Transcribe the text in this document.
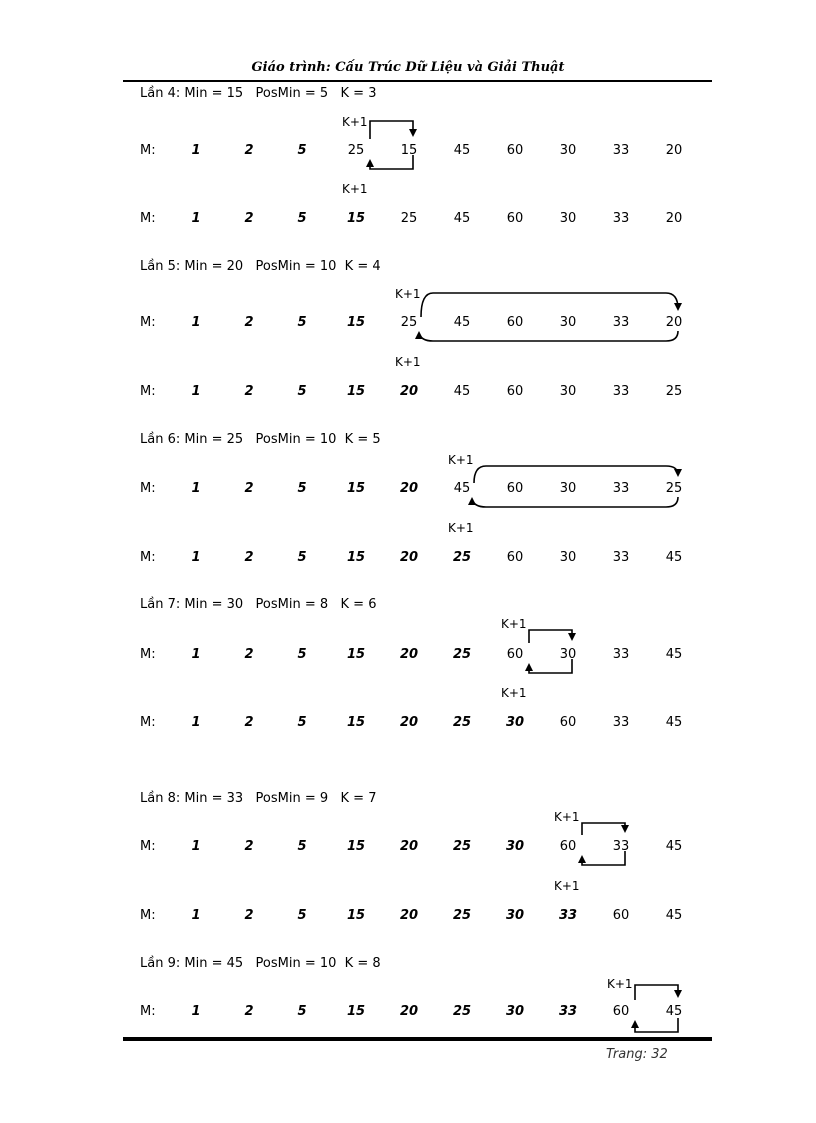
Giáo trình: Cấu Trúc Dữ Liệu và Giải Thuật
Lần 4: Min = 15   PosMin = 5   K = 3
M:	1	2	5	25	15	45	60	30	33	20
M:	1	2	5	15	25	45	60	30	33	20
K+1
K+1
Lần 5: Min = 20   PosMin = 10  K = 4
M:	1	2	5	15	25	45	60	30	33	20
M:	1	2	5	15	20	45	60	30	33	25
K+1
K+1
Lần 6: Min = 25   PosMin = 10  K = 5
M:	1	2	5	15	20	45	60	30	33	25
M:	1	2	5	15	20	25	60	30	33	45
K+1
K+1
Lần 7: Min = 30   PosMin = 8   K = 6
M:	1	2	5	15	20	25	60	30	33	45
M:	1	2	5	15	20	25	30	60	33	45
K+1
K+1
Lần 8: Min = 33   PosMin = 9   K = 7
M:	1	2	5	15	20	25	30	60	33	45
M:	1	2	5	15	20	25	30	33	60	45
K+1
K+1
Lần 9: Min = 45   PosMin = 10  K = 8
M:	1	2	5	15	20	25	30	33	60	45
K+1
Trang: 32
